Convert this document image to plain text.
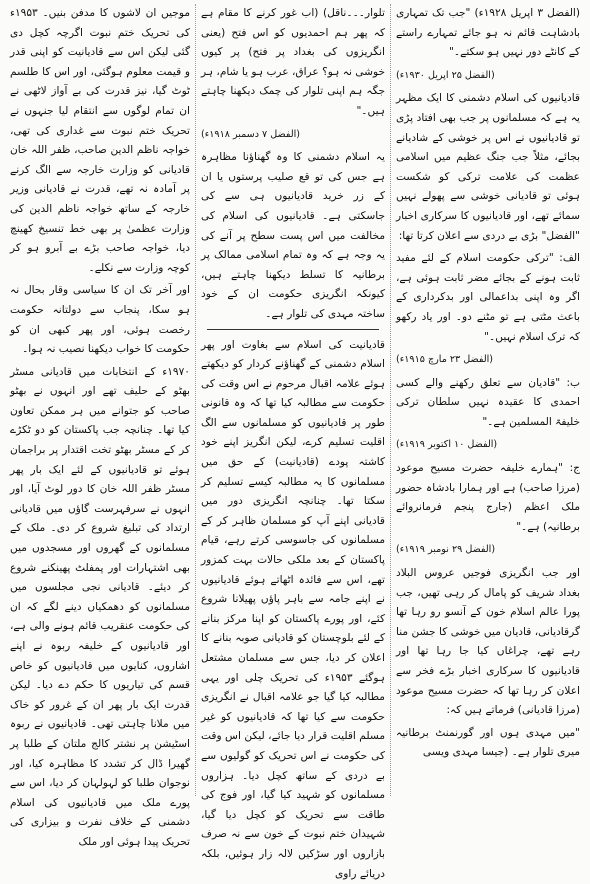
موجیں ان لاشوں کا مدفن بنیں۔ ۱۹۵۳ء کی تحریک ختم نبوت اگرچہ کچل دی گئی لیکن اس سے قادیانیت کو اپنی قدر و قیمت معلوم ہوگئی، اور اس کا طلسم ٹوٹ گیا، نیز قدرت کی بے آواز لاٹھی نے ان تمام لوگوں سے انتقام لیا جنہوں نے تحریک ختم نبوت سے غداری کی تھی، خواجہ ناظم الدین صاحب، ظفر اللہ خان قادیانی کو وزارت خارجہ سے الگ کرنے پر آمادہ نہ تھے، قدرت نے قادیانی وزیر خارجہ کے ساتھ خواجہ ناظم الدین کی وزارت عظمیٰ پر بھی خط تنسیخ کھینچ دیا، خواجہ صاحب بڑے بے آبرو ہو کر کوچہ وزارت سے نکلے۔

اور آخر تک ان کا سیاسی وقار بحال نہ ہو سکا، پنجاب سے دولتانہ حکومت رخصت ہوئی، اور پھر کبھی ان کو حکومت کا خواب دیکھنا نصیب نہ ہوا۔

۱۹۷۰ء کے انتخابات میں قادیانی مسٹر بھٹو کے حلیف تھے اور انہوں نے بھٹو صاحب کو جتوانے میں ہر ممکن تعاون کیا تھا۔ چنانچہ جب پاکستان کو دو ٹکڑے کر کے مسٹر بھٹو تخت اقتدار پر براجمان ہوئے تو قادیانیوں کے لئے ایک بار پھر مسٹر ظفر اللہ خان کا دور لوٹ آیا، اور انہوں نے سرفہرست گاؤں میں قادیانی ارتداد کی تبلیغ شروع کر دی۔ ملک کے مسلمانوں کے گھروں اور مسجدوں میں بھی اشتہارات اور پمفلٹ پھینکنے شروع کر دیئے۔ قادیانی نجی مجلسوں میں مسلمانوں کو دھمکیاں دینے لگے کہ ان کی حکومت عنقریب قائم ہونے والی ہے، اور قادیانیوں کے خلیفہ ربوہ نے اپنے اشاروں، کنایوں میں قادیانیوں کو خاص قسم کی تیاریوں کا حکم دے دیا۔ لیکن قدرت ایک بار پھر ان کے غرور کو خاک میں ملانا چاہتی تھی۔ قادیانیوں نے ربوہ اسٹیشن پر نشتر کالج ملتان کے طلبا پر گھیرا ڈال کر تشدد کا مظاہرہ کیا، اور نوجوان طلبا کو لہولہان کر دیا، اس سے پورے ملک میں قادیانیوں کی اسلام دشمنی کے خلاف نفرت و بیزاری کی تحریک پیدا ہوئی اور ملک

تلوار۔۔۔ناقل) (اب غور کرنے کا مقام ہے کہ پھر ہم احمدیوں کو اس فتح (یعنی انگریزوں کی بغداد پر فتح) پر کیوں خوشی نہ ہو؟ عراق، عرب ہو یا شام، ہر جگہ ہم اپنی تلوار کی چمک دیکھنا چاہتے ہیں۔"

(الفضل ۷ دسمبر ۱۹۱۸ء)

یہ اسلام دشمنی کا وہ گھناؤنا مظاہرہ ہے جس کی تو قع صلیب پرستوں یا ان کے زر خرید قادیانیوں ہی سے کی جاسکتی ہے۔ قادیانیوں کی اسلام کی مخالفت میں اس پست سطح پر آنے کی یہ وجہ ہے کہ وہ تمام اسلامی ممالک پر برطانیہ کا تسلط دیکھنا چاہتے ہیں، کیونکہ انگریزی حکومت ان کے خود ساختہ مہدی کی تلوار ہے۔

قادیانیت کی اسلام سے بغاوت اور پھر اسلام دشمنی کے گھناؤنے کردار کو دیکھتے ہوئے علامہ اقبال مرحوم نے اس وقت کی حکومت سے مطالبہ کیا تھا کہ وہ قانونی طور پر قادیانیوں کو مسلمانوں سے الگ اقلیت تسلیم کرے، لیکن انگریز اپنے خود کاشتہ پودے (قادیانیت) کے حق میں مسلمانوں کا یہ مطالبہ کیسے تسلیم کر سکتا تھا۔ چنانچہ انگریزی دور میں قادیانی اپنے آپ کو مسلمان ظاہر کر کے مسلمانوں کی جاسوسی کرتے رہے، قیام پاکستان کے بعد ملکی حالات بہت کمزور تھے، اس سے فائدہ اٹھاتے ہوئے قادیانیوں نے اپنے جامہ سے باہر پاؤں پھیلانا شروع کئے، اور پورے پاکستان کو اپنا مرکز بنانے کے لئے بلوچستان کو قادیانی صوبہ بنانے کا اعلان کر دیا، جس سے مسلمان مشتعل ہوگئے ۱۹۵۳ء کی تحریک چلی اور یہی مطالبہ کیا گیا جو علامہ اقبال نے انگریزی حکومت سے کیا تھا کہ قادیانیوں کو غیر مسلم اقلیت قرار دیا جائے، لیکن اس وقت کی حکومت نے اس تحریک کو گولیوں سے بے دردی کے ساتھ کچل دیا۔ ہزاروں مسلمانوں کو شہید کیا گیا، اور فوج کی طاقت سے تحریک کو کچل دیا گیا، شہیدان ختم نبوت کے خون سے نہ صرف بازاروں اور سڑکیں لالہ زار ہوئیں، بلکہ دریائے راوی

(الفضل ۳ اپریل ۱۹۲۸ء) "جب تک تمہاری بادشاہت قائم نہ ہو جائے تمہارے راستے کے کانٹے دور نہیں ہو سکتے۔"

(الفضل ۲۵ اپریل ۱۹۳۰ء)

قادیانیوں کی اسلام دشمنی کا ایک مظہر یہ ہے کہ مسلمانوں پر جب بھی افتاد پڑی تو قادیانیوں نے اس پر خوشی کے شادیانے بجائے، مثلاً جب جنگ عظیم میں اسلامی عظمت کی علامت ترکی کو شکست ہوئی تو قادیانی خوشی سے پھولے نہیں سمائے تھے، اور قادیانیوں کا سرکاری اخبار "الفضل" بڑی بے دردی سے اعلان کرتا تھا:

الف: "ترکی حکومت اسلام کے لئے مفید ثابت ہونے کے بجائے مضر ثابت ہوئی ہے، اگر وہ اپنی بداعمالی اور بدکرداری کے باعث مٹتی ہے تو مٹنے دو۔ اور یاد رکھو کہ ترک اسلام نہیں۔"

(الفضل ۲۳ مارچ ۱۹۱۵ء)

ب: "قادیان سے تعلق رکھنے والے کسی احمدی کا عقیدہ نہیں سلطان ترکی خلیفۃ المسلمین ہے۔"

(الفضل ۱۰ اکتوبر ۱۹۱۹ء)

ج: "ہمارے خلیفہ حضرت مسیح موعود (مرزا صاحب) ہے اور ہمارا بادشاہ حضور ملک اعظم (جارج پنجم فرمانروائے برطانیہ) ہے۔"

(الفضل ۲۹ نومبر ۱۹۱۹ء)

اور جب انگریزی فوجیں عروس البلاد بغداد شریف کو پامال کر رہی تھیں، جب پورا عالم اسلام خون کے آنسو رو رہا تھا گرقادیانی، قادیان میں خوشی کا جشن منا رہے تھے، چراغاں کیا جا رہا تھا اور قادیانیوں کا سرکاری اخبار بڑے فخر سے اعلان کر رہا تھا کہ حضرت مسیح موعود (مرزا قادیانی) فرماتے ہیں کہ:

"میں مہدی ہوں اور گورنمنٹ برطانیہ میری تلوار ہے۔ (جیسا مہدی ویسی
